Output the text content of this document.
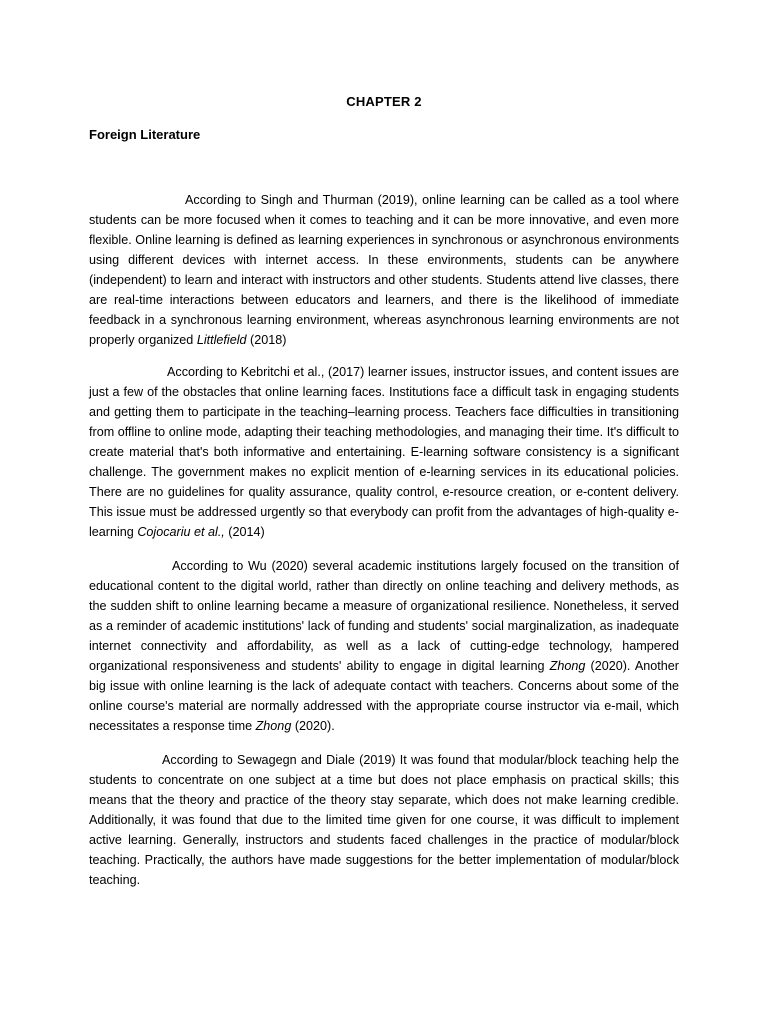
CHAPTER 2
Foreign Literature

According to Singh and Thurman (2019), online learning can be called as a tool where students can be more focused when it comes to teaching and it can be more innovative, and even more flexible. Online learning is defined as learning experiences in synchronous or asynchronous environments using different devices with internet access. In these environments, students can be anywhere (independent) to learn and interact with instructors and other students. Students attend live classes, there are real-time interactions between educators and learners, and there is the likelihood of immediate feedback in a synchronous learning environment, whereas asynchronous learning environments are not properly organized Littlefield (2018)

According to Kebritchi et al., (2017) learner issues, instructor issues, and content issues are just a few of the obstacles that online learning faces. Institutions face a difficult task in engaging students and getting them to participate in the teaching–learning process. Teachers face difficulties in transitioning from offline to online mode, adapting their teaching methodologies, and managing their time. It's difficult to create material that's both informative and entertaining. E-learning software consistency is a significant challenge. The government makes no explicit mention of e-learning services in its educational policies. There are no guidelines for quality assurance, quality control, e-resource creation, or e-content delivery. This issue must be addressed urgently so that everybody can profit from the advantages of high-quality e-learning Cojocariu et al., (2014)

According to Wu (2020) several academic institutions largely focused on the transition of educational content to the digital world, rather than directly on online teaching and delivery methods, as the sudden shift to online learning became a measure of organizational resilience. Nonetheless, it served as a reminder of academic institutions' lack of funding and students' social marginalization, as inadequate internet connectivity and affordability, as well as a lack of cutting-edge technology, hampered organizational responsiveness and students' ability to engage in digital learning Zhong (2020). Another big issue with online learning is the lack of adequate contact with teachers. Concerns about some of the online course's material are normally addressed with the appropriate course instructor via e-mail, which necessitates a response time Zhong (2020).

According to Sewagegn and Diale (2019) It was found that modular/block teaching help the students to concentrate on one subject at a time but does not place emphasis on practical skills; this means that the theory and practice of the theory stay separate, which does not make learning credible. Additionally, it was found that due to the limited time given for one course, it was difficult to implement active learning. Generally, instructors and students faced challenges in the practice of modular/block teaching. Practically, the authors have made suggestions for the better implementation of modular/block teaching.
